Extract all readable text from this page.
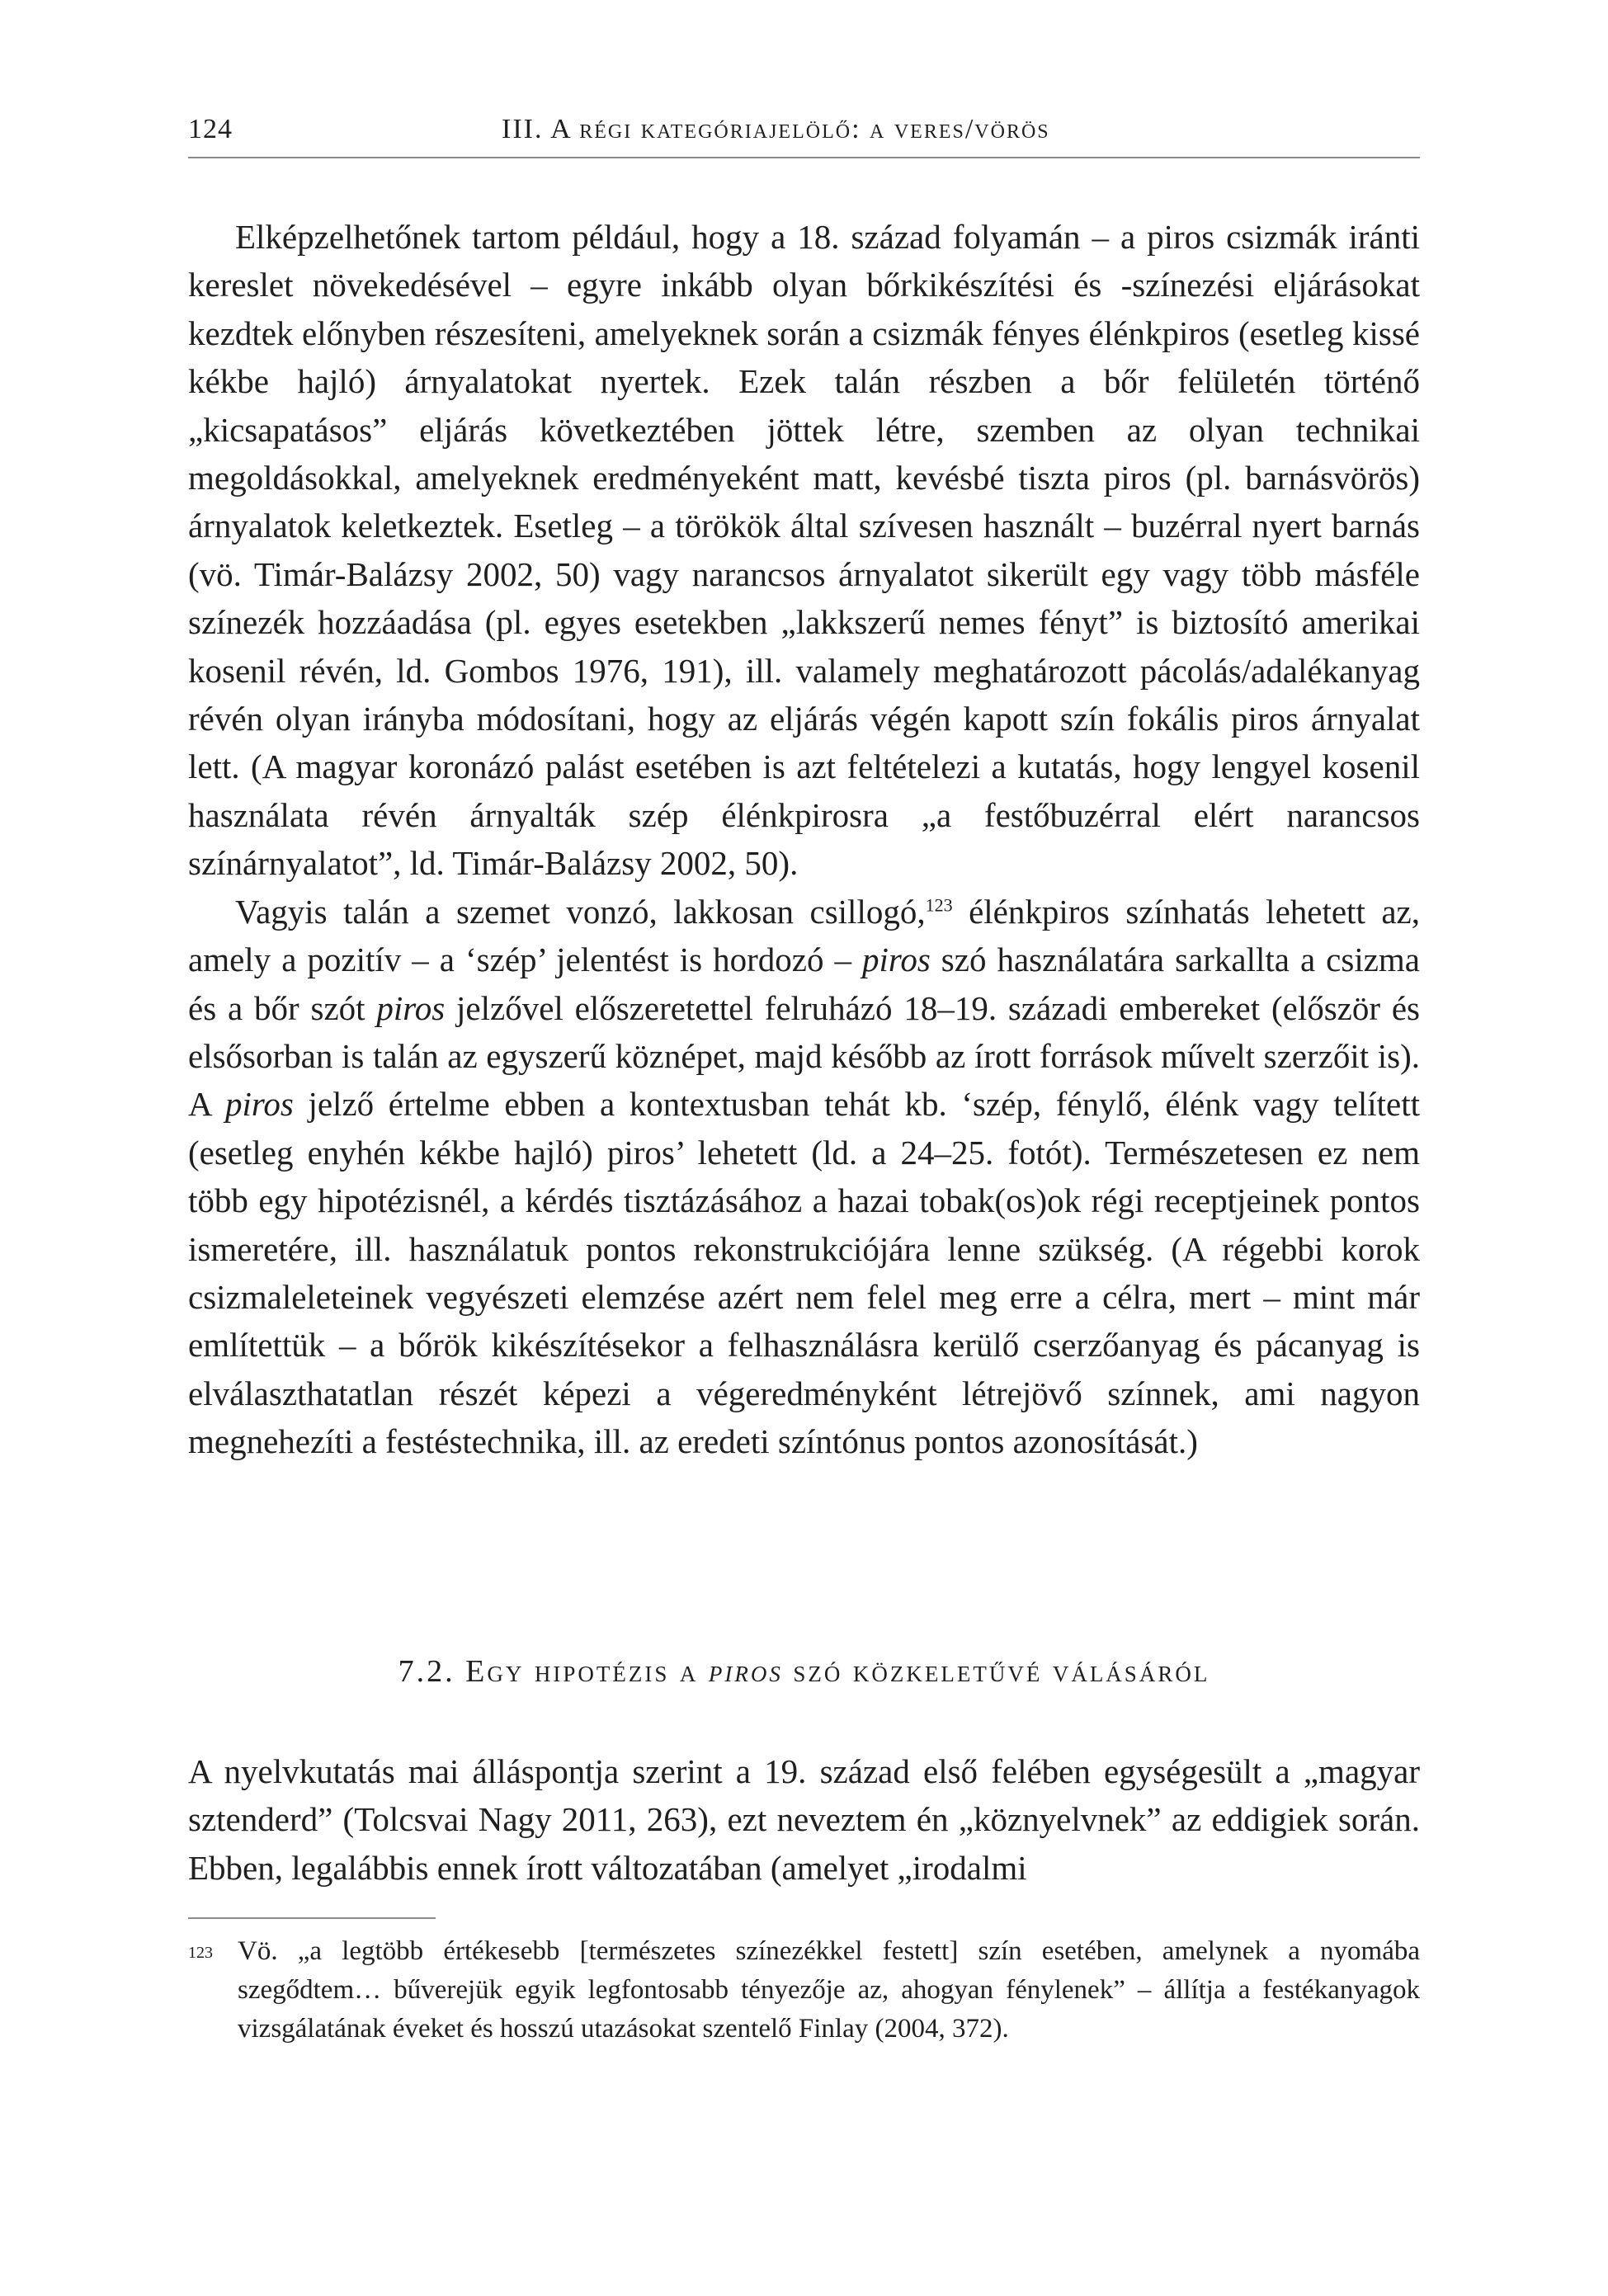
124	III. A régi kategóriajelölő: a veres/vörös

Elképzelhetőnek tartom például, hogy a 18. század folyamán – a piros csizmák iránti kereslet növekedésével – egyre inkább olyan bőrkikészítési és -színezési eljárásokat kezdtek előnyben részesíteni, amelyeknek során a csizmák fényes élénkpiros (esetleg kissé kékbe hajló) árnyalatokat nyertek. Ezek talán részben a bőr felületén történő „kicsapatásos” eljárás következtében jöttek létre, szemben az olyan technikai megoldásokkal, amelyeknek eredményeként matt, kevésbé tiszta piros (pl. barnásvörös) árnyalatok keletkeztek. Esetleg – a törökök által szívesen használt – buzérral nyert barnás (vö. Timár-Balázsy 2002, 50) vagy narancsos árnyalatot sikerült egy vagy több másféle színezék hozzáadása (pl. egyes esetekben „lakkszerű nemes fényt” is biztosító amerikai kosenil révén, ld. Gombos 1976, 191), ill. valamely meghatározott pácolás/adalékanyag révén olyan irányba módosítani, hogy az eljárás végén kapott szín fokális piros árnyalat lett. (A magyar koronázó palást esetében is azt feltételezi a kutatás, hogy lengyel kosenil használata révén árnyalták szép élénkpirosra „a festőbuzérral elért narancsos színárnyalatot”, ld. Timár-Balázsy 2002, 50).

Vagyis talán a szemet vonzó, lakkosan csillogó,$^{123}$ élénkpiros színhatás lehetett az, amely a pozitív – a ‘szép’ jelentést is hordozó – piros szó használatára sarkallta a csizma és a bőr szót piros jelzővel előszeretettel felruházó 18–19. századi embereket (először és elsősorban is talán az egyszerű köznépet, majd később az írott források művelt szerzőit is). A piros jelző értelme ebben a kontextusban tehát kb. ‘szép, fénylő, élénk vagy telített (esetleg enyhén kékbe hajló) piros’ lehetett (ld. a 24–25. fotót). Természetesen ez nem több egy hipotézisnél, a kérdés tisztázásához a hazai tobak(os)ok régi receptjeinek pontos ismeretére, ill. használatuk pontos rekonstrukciójára lenne szükség. (A régebbi korok csizmaleleteinek vegyészeti elemzése azért nem felel meg erre a célra, mert – mint már említettük – a bőrök kikészítésekor a felhasználásra kerülő cserzőanyag és pácanyag is elválaszthatatlan részét képezi a végeredményként létrejövő színnek, ami nagyon megnehezíti a festéstechnika, ill. az eredeti színtónus pontos azonosítását.)

7.2. Egy hipotézis a piros szó közkeletűvé válásáról

A nyelvkutatás mai álláspontja szerint a 19. század első felében egységesült a „magyar sztenderd” (Tolcsvai Nagy 2011, 263), ezt neveztem én „köznyelvnek” az eddigiek során. Ebben, legalábbis ennek írott változatában (amelyet „irodalmi

123 Vö. „a legtöbb értékesebb [természetes színezékkel festett] szín esetében, amelynek a nyomába szegődtem… bűverejük egyik legfontosabb tényezője az, ahogyan fénylenek” – állítja a festékanyagok vizsgálatának éveket és hosszú utazásokat szentelő Finlay (2004, 372).
